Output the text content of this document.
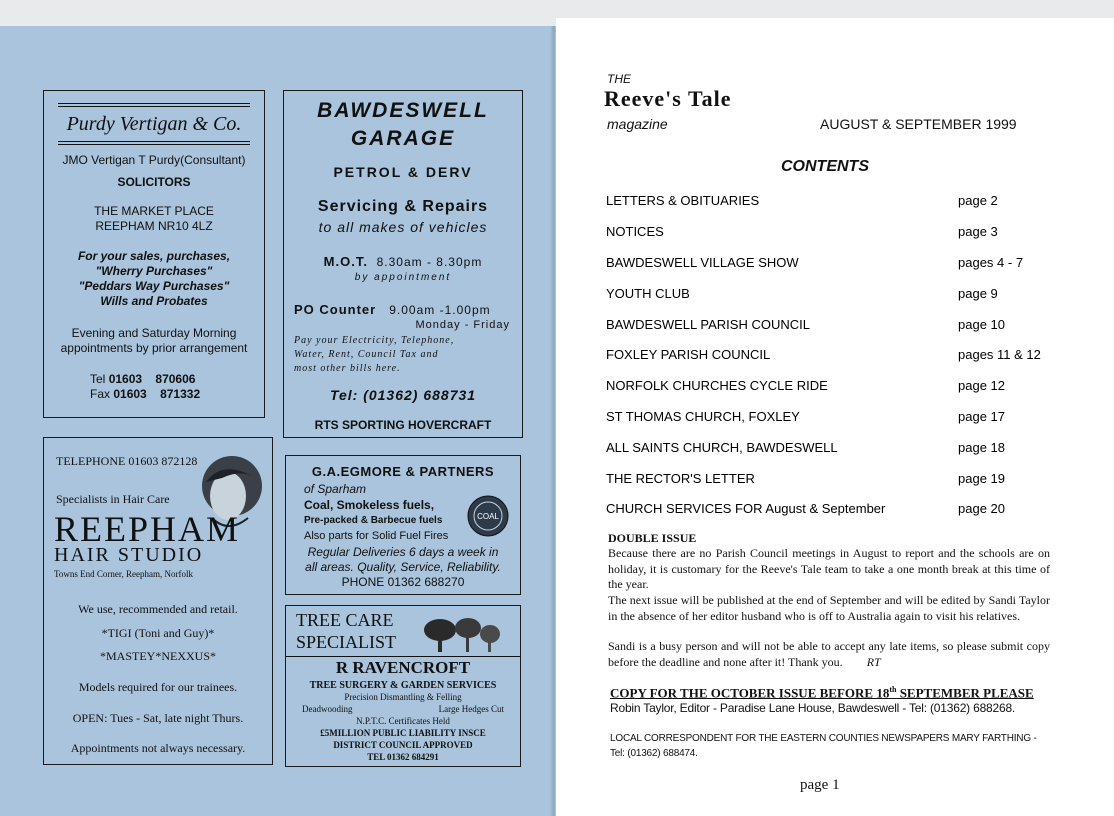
Purdy Vertigan & Co.
JMO Vertigan T Purdy(Consultant)
SOLICITORS
THE MARKET PLACE
REEPHAM NR10 4LZ
For your sales, purchases,
"Wherry Purchases"
"Peddars Way Purchases"
Wills and Probates
Evening and Saturday Morning
appointments by prior arrangement
Tel 01603 870606
Fax 01603 871332
BAWDESWELL
GARAGE
PETROL & DERV
Servicing & Repairs
to all makes of vehicles
M.O.T. 8.30am - 8.30pm
by appointment
PO Counter 9.00am -1.00pm
Monday - Friday
Pay your Electricity, Telephone,
Water, Rent, Council Tax and
most other bills here.
Tel: (01362) 688731
RTS SPORTING HOVERCRAFT
TELEPHONE 01603 872128
Specialists in Hair Care
REEPHAM
HAIR STUDIO
Towns End Corner, Reepham, Norfolk
We use, recommended and retail.
*TIGI (Toni and Guy)*
*MASTEY*NEXXUS*
Models required for our trainees.
OPEN: Tues - Sat, late night Thurs.
Appointments not always necessary.
G.A.EGMORE & PARTNERS
of Sparham
Coal, Smokeless fuels,
Pre-packed & Barbecue fuels
Also parts for Solid Fuel Fires
Regular Deliveries 6 days a week in
all areas. Quality, Service, Reliability.
PHONE 01362 688270
COAL
TREE CARE
SPECIALIST
R RAVENCROFT
TREE SURGERY & GARDEN SERVICES
Precision Dismantling & Felling
Deadwooding	Large Hedges Cut
N.P.T.C. Certificates Held
£5MILLION PUBLIC LIABILITY INSCE
DISTRICT COUNCIL APPROVED
TEL 01362 684291
THE
Reeve's Tale
magazine	AUGUST & SEPTEMBER 1999
CONTENTS
LETTERS & OBITUARIES	page 2
NOTICES	page 3
BAWDESWELL VILLAGE SHOW	pages 4 - 7
YOUTH CLUB	page 9
BAWDESWELL PARISH COUNCIL	page 10
FOXLEY PARISH COUNCIL	pages 11 & 12
NORFOLK CHURCHES CYCLE RIDE	page 12
ST THOMAS CHURCH, FOXLEY	page 17
ALL SAINTS CHURCH, BAWDESWELL	page 18
THE RECTOR'S LETTER	page 19
CHURCH SERVICES FOR August & September	page 20
DOUBLE ISSUE
Because there are no Parish Council meetings in August to report and the schools are on holiday, it is customary for the Reeve's Tale team to take a one month break at this time of the year.
The next issue will be published at the end of September and will be edited by Sandi Taylor in the absence of her editor husband who is off to Australia again to visit his relatives.
Sandi is a busy person and will not be able to accept any late items, so please submit copy before the deadline and none after it! Thank you. RT
COPY FOR THE OCTOBER ISSUE BEFORE 18th SEPTEMBER PLEASE
Robin Taylor, Editor - Paradise Lane House, Bawdeswell - Tel: (01362) 688268.
LOCAL CORRESPONDENT FOR THE EASTERN COUNTIES NEWSPAPERS MARY FARTHING - Tel: (01362) 688474.
page 1
